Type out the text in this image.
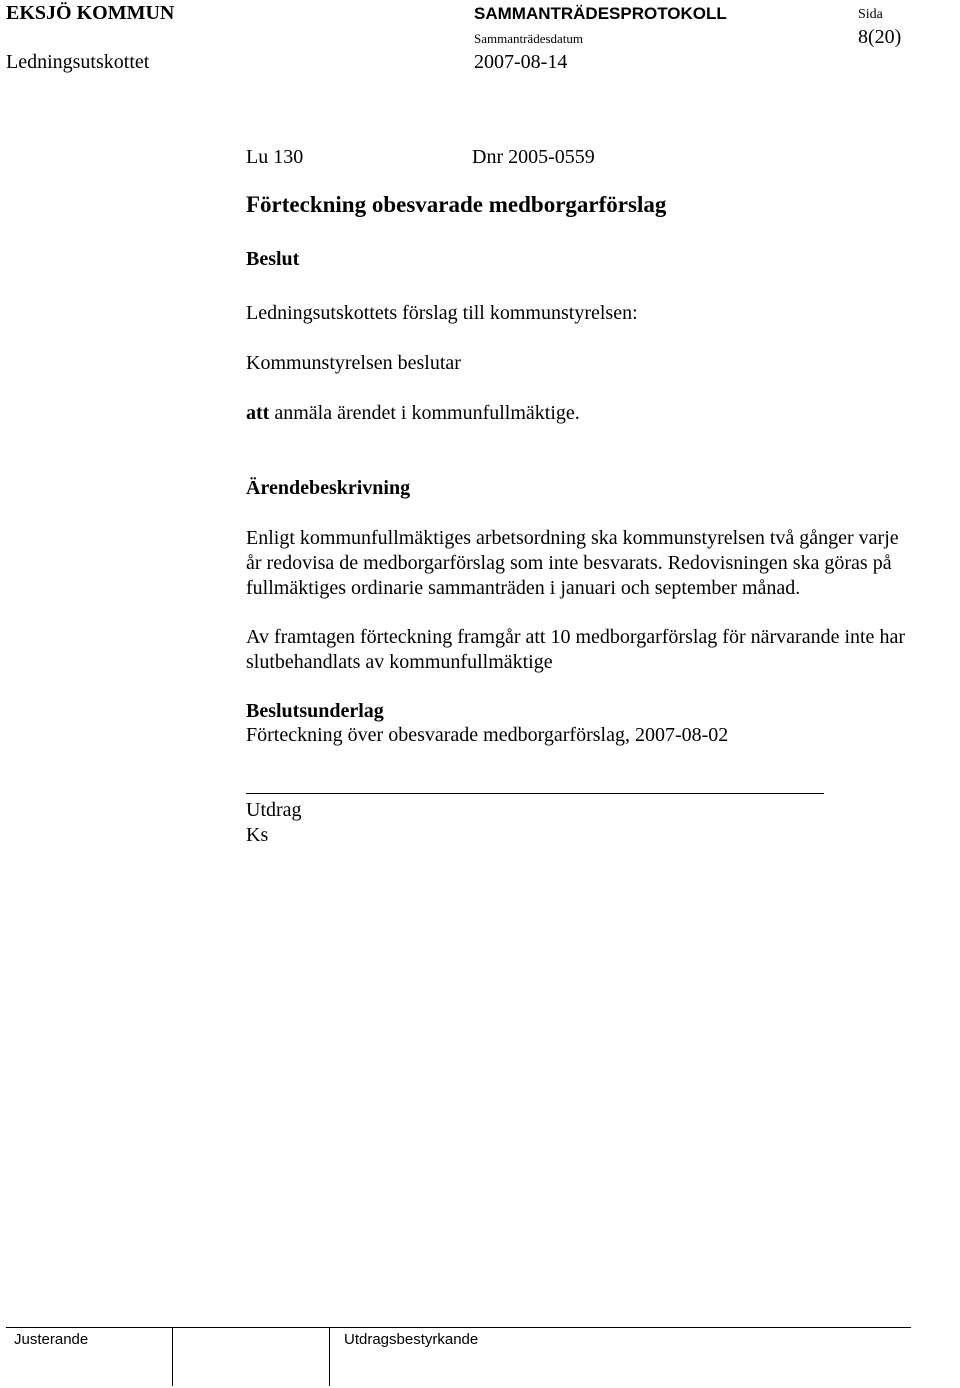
EKSJÖ KOMMUN	SAMMANTRÄDESPROTOKOLL	Sida
8(20)
Ledningsutskottet
Sammanträdesdatum
2007-08-14
Lu 130	Dnr 2005-0559
Förteckning obesvarade medborgarförslag
Beslut
Ledningsutskottets förslag till kommunstyrelsen:
Kommunstyrelsen beslutar
att anmäla ärendet i kommunfullmäktige.
Ärendebeskrivning
Enligt kommunfullmäktiges arbetsordning ska kommunstyrelsen två gånger varje
år redovisa de medborgarförslag som inte besvarats. Redovisningen ska göras på
fullmäktiges ordinarie sammanträden i januari och september månad.
Av framtagen förteckning framgår att 10 medborgarförslag för närvarande inte har
slutbehandlats av kommunfullmäktige
Beslutsunderlag
Förteckning över obesvarade medborgarförslag, 2007-08-02
Utdrag
Ks
Justerande	Utdragsbestyrkande
